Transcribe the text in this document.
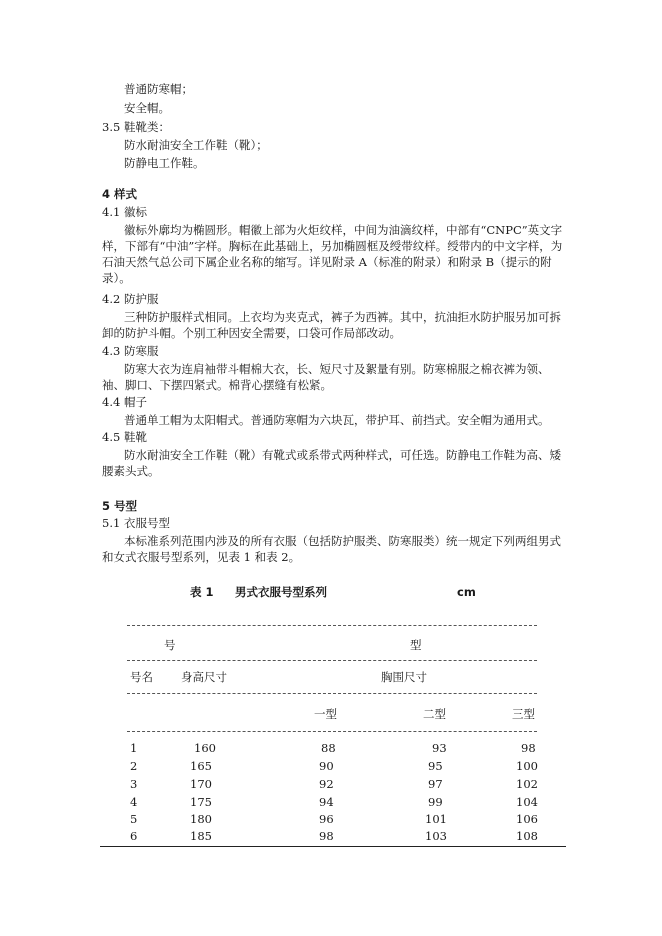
普通防寒帽；
安全帽。
3.5 鞋靴类：
防水耐油安全工作鞋（靴）；
防静电工作鞋。
4 样式
4.1 徽标
徽标外廓均为椭圆形。帽徽上部为火炬纹样，中间为油滴纹样，中部有“CNPC”英文字样，下部有“中油”字样。胸标在此基础上，另加椭圆框及绶带纹样。绶带内的中文字样，为石油天然气总公司下属企业名称的缩写。详见附录 A（标准的附录）和附录 B（提示的附录）。
4.2 防护服
三种防护服样式相同。上衣均为夹克式，裤子为西裤。其中，抗油拒水防护服另加可拆卸的防护斗帽。个别工种因安全需要，口袋可作局部改动。
4.3 防寒服
防寒大衣为连肩袖带斗帽棉大衣，长、短尺寸及絮量有别。防寒棉服之棉衣裤为领、袖、脚口、下摆四紧式。棉背心摆缝有松紧。
4.4 帽子
普通单工帽为太阳帽式。普通防寒帽为六块瓦，带护耳、前挡式。安全帽为通用式。
4.5 鞋靴
防水耐油安全工作鞋（靴）有靴式或系带式两种样式，可任选。防静电工作鞋为高、矮腰素头式。
5 号型
5.1 衣服号型
本标准系列范围内涉及的所有衣服（包括防护服类、防寒服类）统一规定下列两组男式和女式衣服号型系列，见表 1 和表 2。
表 1 男式衣服号型系列	cm
号	型
号名 身高尺寸	胸围尺寸
一型	二型	三型
1	160	88	93	98
2	165	90	95	100
3	170	92	97	102
4	175	94	99	104
5	180	96	101	106
6	185	98	103	108
